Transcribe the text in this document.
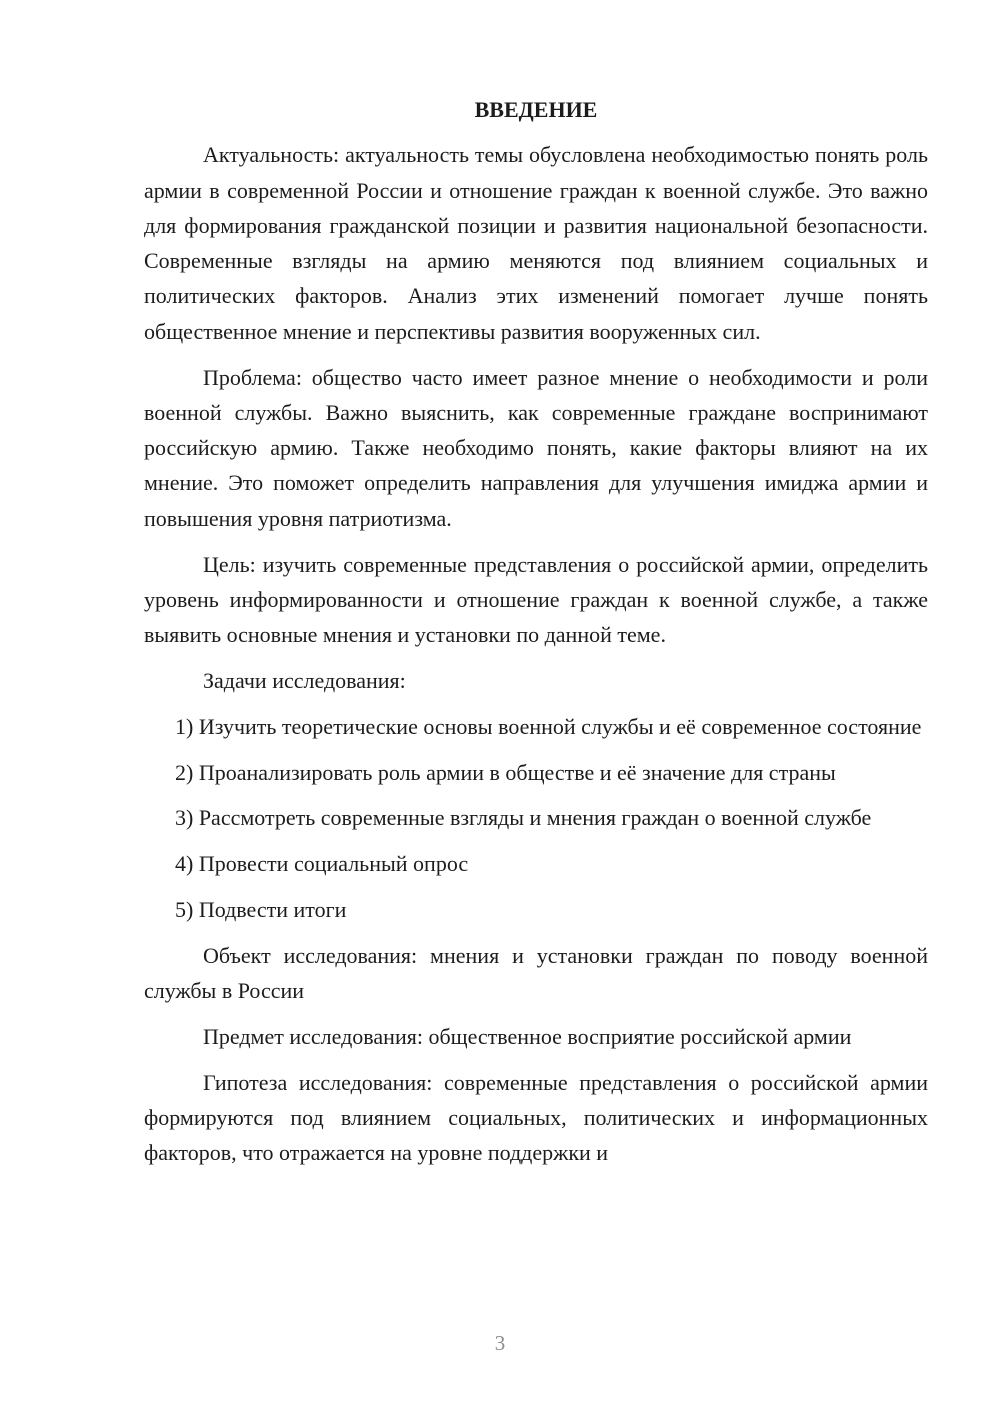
ВВЕДЕНИЕ

Актуальность: актуальность темы обусловлена необходимостью понять роль армии в современной России и отношение граждан к военной службе. Это важно для формирования гражданской позиции и развития национальной безопасности. Современные взгляды на армию меняются под влиянием социальных и политических факторов. Анализ этих изменений помогает лучше понять общественное мнение и перспективы развития вооруженных сил.

Проблема: общество часто имеет разное мнение о необходимости и роли военной службы. Важно выяснить, как современные граждане воспринимают российскую армию. Также необходимо понять, какие факторы влияют на их мнение. Это поможет определить направления для улучшения имиджа армии и повышения уровня патриотизма.

Цель: изучить современные представления о российской армии, определить уровень информированности и отношение граждан к военной службе, а также выявить основные мнения и установки по данной теме.

Задачи исследования:

1) Изучить теоретические основы военной службы и её современное состояние

2) Проанализировать роль армии в обществе и её значение для страны

3) Рассмотреть современные взгляды и мнения граждан о военной службе

4) Провести социальный опрос

5) Подвести итоги

Объект исследования: мнения и установки граждан по поводу военной службы в России

Предмет исследования: общественное восприятие российской армии

Гипотеза исследования: современные представления о российской армии формируются под влиянием социальных, политических и информационных факторов, что отражается на уровне поддержки и

3
